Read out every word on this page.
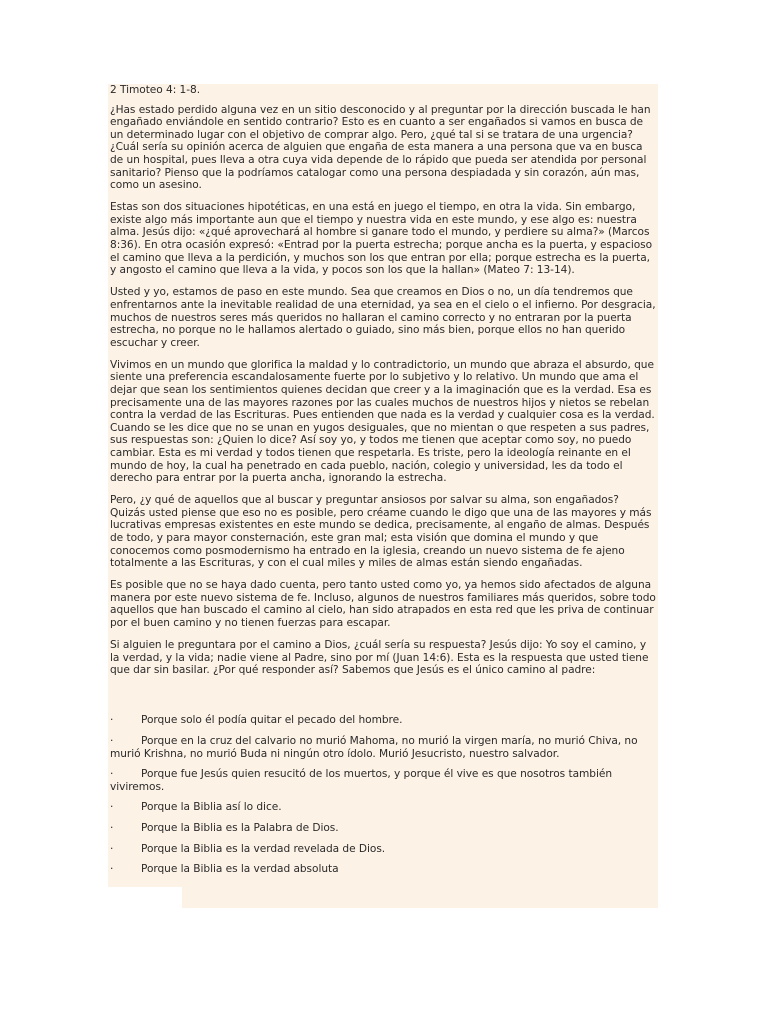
2 Timoteo 4: 1-8.

¿Has estado perdido alguna vez en un sitio desconocido y al preguntar por la dirección buscada le han engañado enviándole en sentido contrario? Esto es en cuanto a ser engañados si vamos en busca de un determinado lugar con el objetivo de comprar algo. Pero, ¿qué tal si se tratara de una urgencia? ¿Cuál sería su opinión acerca de alguien que engaña de esta manera a una persona que va en busca de un hospital, pues lleva a otra cuya vida depende de lo rápido que pueda ser atendida por personal sanitario? Pienso que la podríamos catalogar como una persona despiadada y sin corazón, aún mas, como un asesino.

Estas son dos situaciones hipotéticas, en una está en juego el tiempo, en otra la vida. Sin embargo, existe algo más importante aun que el tiempo y nuestra vida en este mundo, y ese algo es: nuestra alma. Jesús dijo: «¿qué aprovechará al hombre si ganare todo el mundo, y perdiere su alma?» (Marcos 8:36). En otra ocasión expresó: «Entrad por la puerta estrecha; porque ancha es la puerta, y espacioso el camino que lleva a la perdición, y muchos son los que entran por ella; porque estrecha es la puerta, y angosto el camino que lleva a la vida, y pocos son los que la hallan» (Mateo 7: 13-14).

Usted y yo, estamos de paso en este mundo. Sea que creamos en Dios o no, un día tendremos que enfrentarnos ante la inevitable realidad de una eternidad, ya sea en el cielo o el infierno. Por desgracia, muchos de nuestros seres más queridos no hallaran el camino correcto y no entraran por la puerta estrecha, no porque no le hallamos alertado o guiado, sino más bien, porque ellos no han querido escuchar y creer.

Vivimos en un mundo que glorifica la maldad y lo contradictorio, un mundo que abraza el absurdo, que siente una preferencia escandalosamente fuerte por lo subjetivo y lo relativo. Un mundo que ama el dejar que sean los sentimientos quienes decidan que creer y a la imaginación que es la verdad. Esa es precisamente una de las mayores razones por las cuales muchos de nuestros hijos y nietos se rebelan contra la verdad de las Escrituras. Pues entienden que nada es la verdad y cualquier cosa es la verdad. Cuando se les dice que no se unan en yugos desiguales, que no mientan o que respeten a sus padres, sus respuestas son: ¿Quien lo dice? Así soy yo, y todos me tienen que aceptar como soy, no puedo cambiar. Esta es mi verdad y todos tienen que respetarla. Es triste, pero la ideología reinante en el mundo de hoy, la cual ha penetrado en cada pueblo, nación, colegio y universidad, les da todo el derecho para entrar por la puerta ancha, ignorando la estrecha.

Pero, ¿y qué de aquellos que al buscar y preguntar ansiosos por salvar su alma, son engañados? Quizás usted piense que eso no es posible, pero créame cuando le digo que una de las mayores y más lucrativas empresas existentes en este mundo se dedica, precisamente, al engaño de almas. Después de todo, y para mayor consternación, este gran mal; esta visión que domina el mundo y que conocemos como posmodernismo ha entrado en la iglesia, creando un nuevo sistema de fe ajeno totalmente a las Escrituras, y con el cual miles y miles de almas están siendo engañadas.

Es posible que no se haya dado cuenta, pero tanto usted como yo, ya hemos sido afectados de alguna manera por este nuevo sistema de fe. Incluso, algunos de nuestros familiares más queridos, sobre todo aquellos que han buscado el camino al cielo, han sido atrapados en esta red que les priva de continuar por el buen camino y no tienen fuerzas para escapar.

Si alguien le preguntara por el camino a Dios, ¿cuál sería su respuesta? Jesús dijo: Yo soy el camino, y la verdad, y la vida; nadie viene al Padre, sino por mí (Juan 14:6). Esta es la respuesta que usted tiene que dar sin basilar. ¿Por qué responder así? Sabemos que Jesús es el único camino al padre:

·	Porque solo él podía quitar el pecado del hombre.
·	Porque en la cruz del calvario no murió Mahoma, no murió la virgen maría, no murió Chiva, no murió Krishna, no murió Buda ni ningún otro ídolo. Murió Jesucristo, nuestro salvador.
·	Porque fue Jesús quien resucitó de los muertos, y porque él vive es que nosotros también viviremos.
·	Porque la Biblia así lo dice.
·	Porque la Biblia es la Palabra de Dios.
·	Porque la Biblia es la verdad revelada de Dios.
·	Porque la Biblia es la verdad absoluta
